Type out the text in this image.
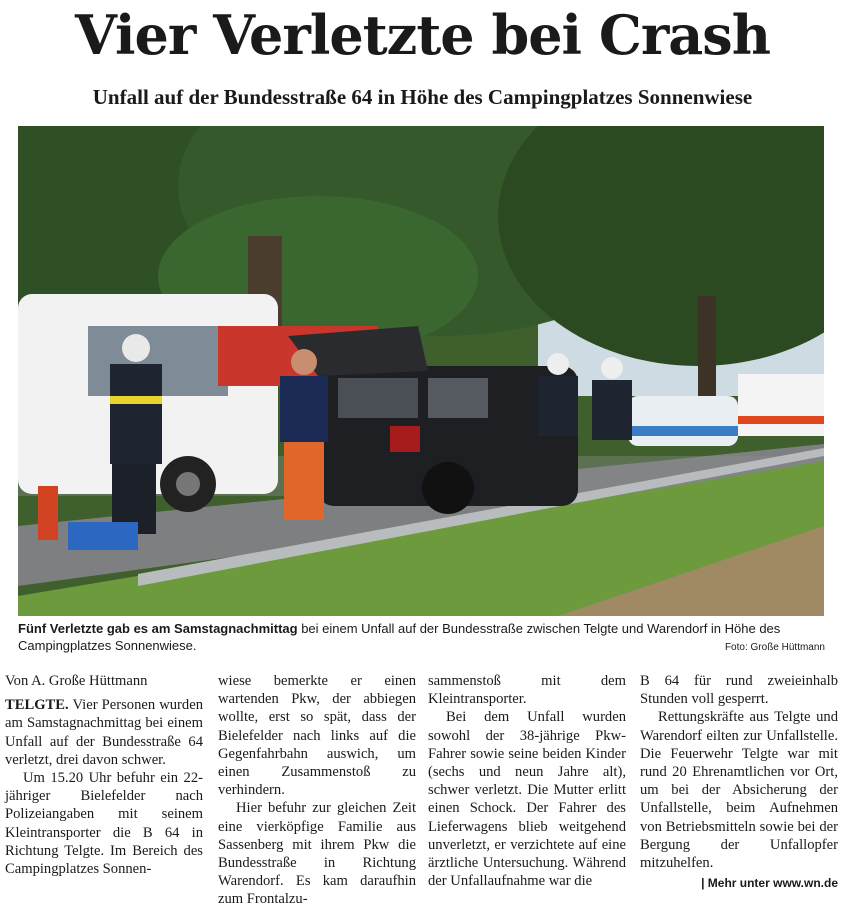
Vier Verletzte bei Crash
Unfall auf der Bundesstraße 64 in Höhe des Campingplatzes Sonnenwiese
Fünf Verletzte gab es am Samstagnachmittag bei einem Unfall auf der Bundesstraße zwischen Telgte und Warendorf in Höhe des Campingplatzes Sonnenwiese.	Foto: Große Hüttmann

Von A. Große Hüttmann

TELGTE. Vier Personen wurden am Samstagnachmittag bei einem Unfall auf der Bundesstraße 64 verletzt, drei davon schwer.

Um 15.20 Uhr befuhr ein 22-jähriger Bielefelder nach Polizeiangaben mit seinem Kleintransporter die B 64 in Richtung Telgte. Im Bereich des Campingplatzes Sonnen-

wiese bemerkte er einen wartenden Pkw, der abbiegen wollte, erst so spät, dass der Bielefelder nach links auf die Gegenfahrbahn auswich, um einen Zusammenstoß zu verhindern.

Hier befuhr zur gleichen Zeit eine vierköpfige Familie aus Sassenberg mit ihrem Pkw die Bundesstraße in Richtung Warendorf. Es kam daraufhin zum Frontalzu-

sammenstoß mit dem Kleintransporter.

Bei dem Unfall wurden sowohl der 38-jährige Pkw-Fahrer sowie seine beiden Kinder (sechs und neun Jahre alt), schwer verletzt. Die Mutter erlitt einen Schock. Der Fahrer des Lieferwagens blieb weitgehend unverletzt, er verzichtete auf eine ärztliche Untersuchung. Während der Unfallaufnahme war die

B 64 für rund zweieinhalb Stunden voll gesperrt.

Rettungskräfte aus Telgte und Warendorf eilten zur Unfallstelle. Die Feuerwehr Telgte war mit rund 20 Ehrenamtlichen vor Ort, um bei der Absicherung der Unfallstelle, beim Aufnehmen von Betriebsmitteln sowie bei der Bergung der Unfallopfer mitzuhelfen.

| Mehr unter www.wn.de
